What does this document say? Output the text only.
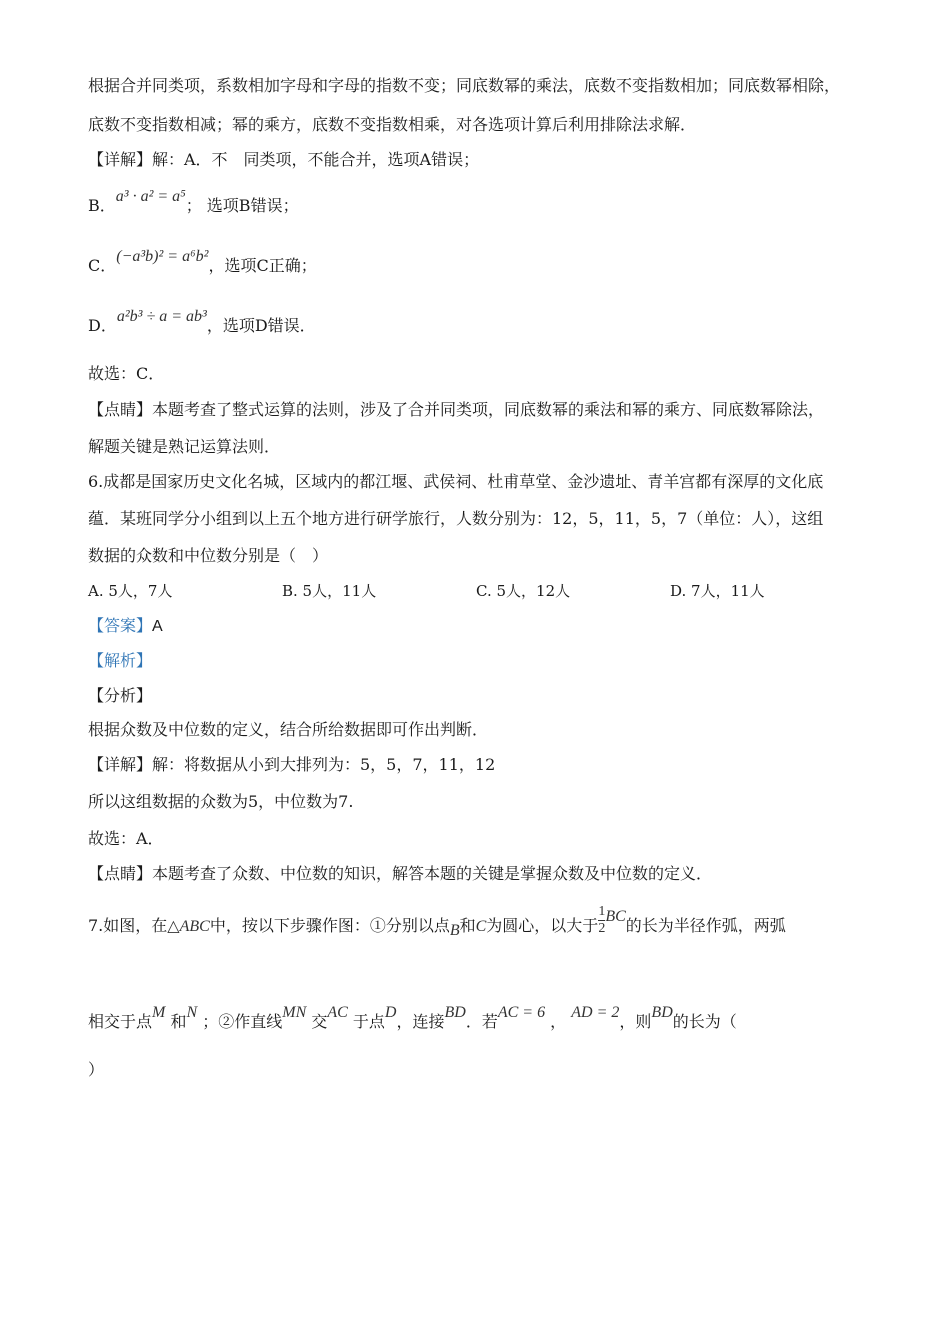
根据合并同类项，系数相加字母和字母的指数不变；同底数幂的乘法，底数不变指数相加；同底数幂相除，
底数不变指数相减；幂的乘方，底数不变指数相乘，对各选项计算后利用排除法求解．
【详解】解：A．不　同类项，不能合并，选项A错误；
B．a³ · a² = a⁵； 选项B错误；
C．(−a³b)² = a⁶b²，选项C正确；
D．a²b³ ÷ a = ab³，选项D错误．
故选：C．
【点睛】本题考查了整式运算的法则，涉及了合并同类项，同底数幂的乘法和幂的乘方、同底数幂除法，
解题关键是熟记运算法则．
6.成都是国家历史文化名城，区域内的都江堰、武侯祠、杜甫草堂、金沙遗址、青羊宫都有深厚的文化底
蕴．某班同学分小组到以上五个地方进行研学旅行，人数分别为：12，5，11，5，7（单位：人），这组
数据的众数和中位数分别是（　）
A. 5人，7人	B. 5人，11人	C. 5人，12人	D. 7人，11人
【答案】A
【解析】
【分析】
根据众数及中位数的定义，结合所给数据即可作出判断．
【详解】解：将数据从小到大排列为：5，5，7，11，12
所以这组数据的众数为5，中位数为7.
故选：A．
【点睛】本题考查了众数、中位数的知识，解答本题的关键是掌握众数及中位数的定义．
7.如图，在△ABC中，按以下步骤作图：①分别以点B和C为圆心，以大于 $\frac{1}{2}$ BC的长为半径作弧，两弧
相交于点M 和N ；②作直线MN 交AC 于点D，连接BD．若AC = 6 ， AD = 2，则BD的长为（
）
